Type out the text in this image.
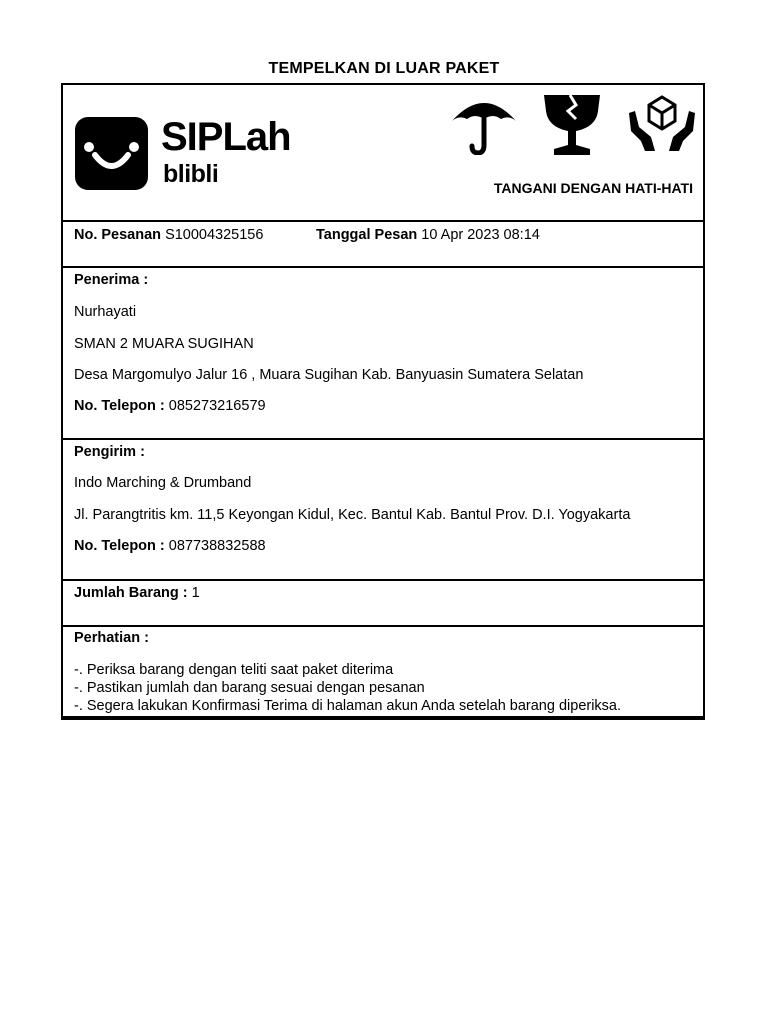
TEMPELKAN DI LUAR PAKET
SIPLah
blibli	TANGANI DENGAN HATI-HATI
No. Pesanan S10004325156	Tanggal Pesan 10 Apr 2023 08:14
Penerima :
Nurhayati
SMAN 2 MUARA SUGIHAN
Desa Margomulyo Jalur 16 , Muara Sugihan Kab. Banyuasin Sumatera Selatan
No. Telepon : 085273216579
Pengirim :
Indo Marching & Drumband
Jl. Parangtritis km. 11,5 Keyongan Kidul, Kec. Bantul Kab. Bantul Prov. D.I. Yogyakarta
No. Telepon : 087738832588
Jumlah Barang : 1
Perhatian :
-. Periksa barang dengan teliti saat paket diterima
-. Pastikan jumlah dan barang sesuai dengan pesanan
-. Segera lakukan Konfirmasi Terima di halaman akun Anda setelah barang diperiksa.
